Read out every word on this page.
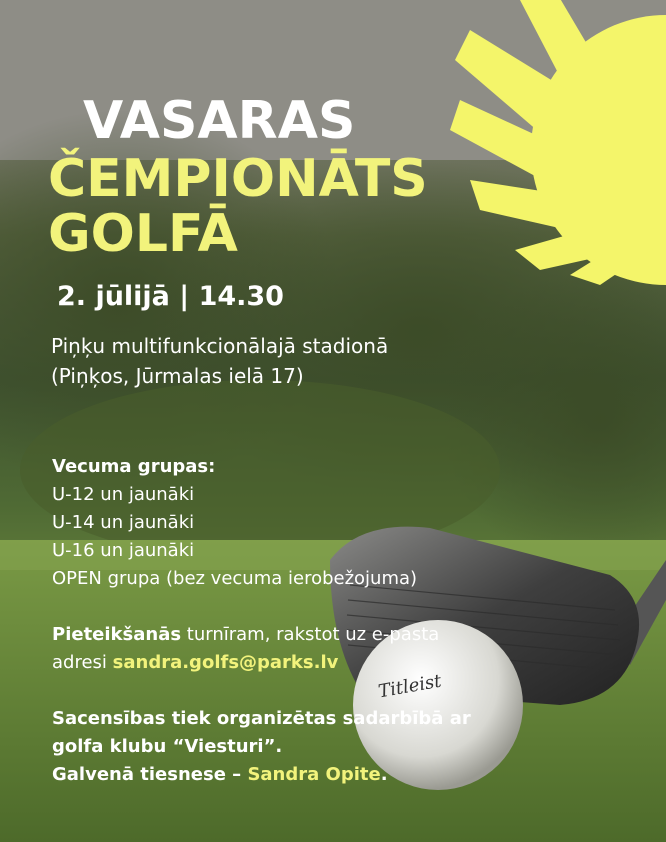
VASARAS
ČEMPIONĀTS
GOLFĀ
2. jūlijā | 14.30
Piņķu multifunkcionālajā stadionā
(Piņķos, Jūrmalas ielā 17)
Vecuma grupas:
U-12 un jaunāki
U-14 un jaunāki
U-16 un jaunāki
OPEN grupa (bez vecuma ierobežojuma)
Pieteikšanās turnīram, rakstot uz e-pasta
adresi sandra.golfs@parks.lv
Sacensības tiek organizētas sadarbībā ar
golfa klubu “Viesturi”.
Galvenā tiesnese – Sandra Opite.
Titleist
